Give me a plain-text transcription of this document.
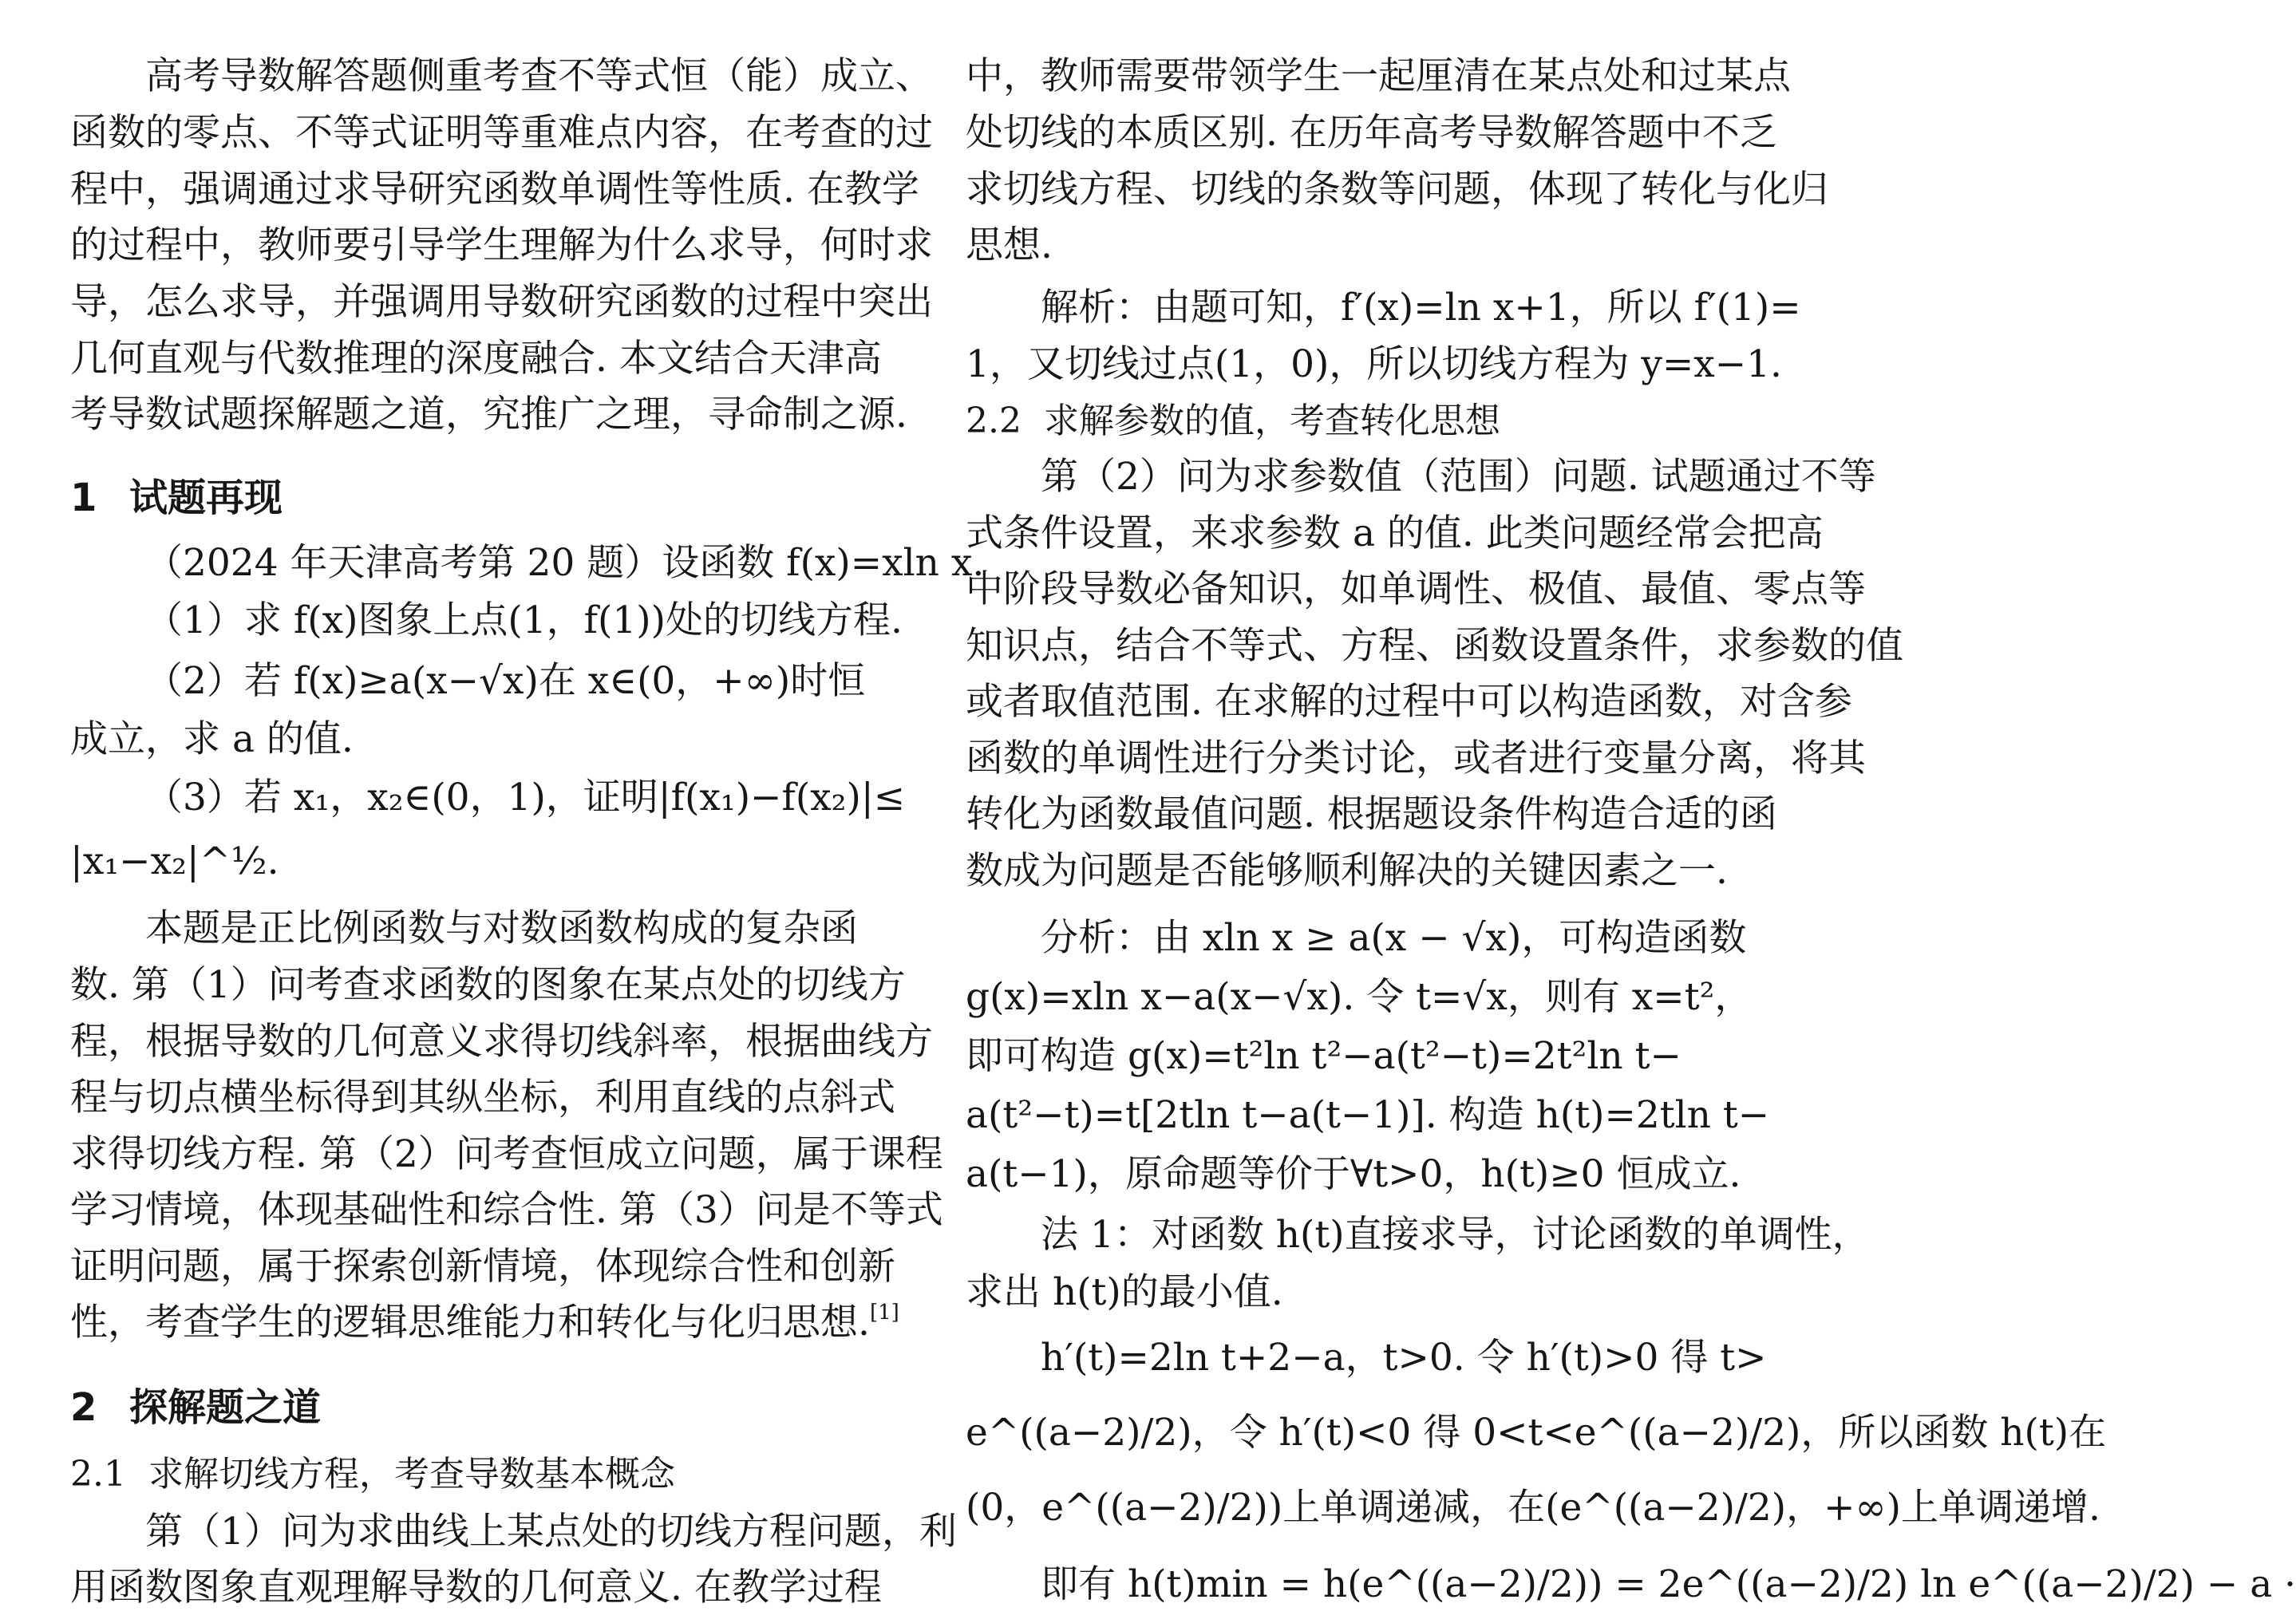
高考导数解答题侧重考查不等式恒（能）成立、
函数的零点、不等式证明等重难点内容，在考查的过
程中，强调通过求导研究函数单调性等性质. 在教学
的过程中，教师要引导学生理解为什么求导，何时求
导，怎么求导，并强调用导数研究函数的过程中突出
几何直观与代数推理的深度融合. 本文结合天津高
考导数试题探解题之道，究推广之理，寻命制之源.
1 试题再现
（2024 年天津高考第 20 题）设函数 f(x)=xln x.
（1）求 f(x)图象上点(1，f(1))处的切线方程.
（2）若 f(x)≥a(x−√x)在 x∈(0，+∞)时恒
成立，求 a 的值.
（3）若 x₁，x₂∈(0，1)，证明|f(x₁)−f(x₂)|≤
|x₁−x₂|^½.
本题是正比例函数与对数函数构成的复杂函
数. 第（1）问考查求函数的图象在某点处的切线方
程，根据导数的几何意义求得切线斜率，根据曲线方
程与切点横坐标得到其纵坐标，利用直线的点斜式
求得切线方程. 第（2）问考查恒成立问题，属于课程
学习情境，体现基础性和综合性. 第（3）问是不等式
证明问题，属于探索创新情境，体现综合性和创新
性，考查学生的逻辑思维能力和转化与化归思想.[1]
2 探解题之道
2.1 求解切线方程，考查导数基本概念
第（1）问为求曲线上某点处的切线方程问题，利
用函数图象直观理解导数的几何意义. 在教学过程
中，教师需要带领学生一起厘清在某点处和过某点
处切线的本质区别. 在历年高考导数解答题中不乏
求切线方程、切线的条数等问题，体现了转化与化归
思想.
解析：由题可知，f′(x)=ln x+1，所以 f′(1)=
1，又切线过点(1，0)，所以切线方程为 y=x−1.
2.2 求解参数的值，考查转化思想
第（2）问为求参数值（范围）问题. 试题通过不等
式条件设置，来求参数 a 的值. 此类问题经常会把高
中阶段导数必备知识，如单调性、极值、最值、零点等
知识点，结合不等式、方程、函数设置条件，求参数的值
或者取值范围. 在求解的过程中可以构造函数，对含参
函数的单调性进行分类讨论，或者进行变量分离，将其
转化为函数最值问题. 根据题设条件构造合适的函
数成为问题是否能够顺利解决的关键因素之一.
分析：由 xln x ≥ a(x − √x)，可构造函数
g(x)=xln x−a(x−√x). 令 t=√x，则有 x=t²，
即可构造 g(x)=t²ln t²−a(t²−t)=2t²ln t−
a(t²−t)=t[2tln t−a(t−1)]. 构造 h(t)=2tln t−
a(t−1)，原命题等价于∀t>0，h(t)≥0 恒成立.
法 1：对函数 h(t)直接求导，讨论函数的单调性，
求出 h(t)的最小值.
h′(t)=2ln t+2−a，t>0. 令 h′(t)>0 得 t>
e^((a−2)/2)，令 h′(t)<0 得 0<t<e^((a−2)/2)，所以函数 h(t)在
(0，e^((a−2)/2))上单调递减，在(e^((a−2)/2)，+∞)上单调递增.
即有 h(t)min = h(e^((a−2)/2)) = 2e^((a−2)/2) ln e^((a−2)/2) − a ·
